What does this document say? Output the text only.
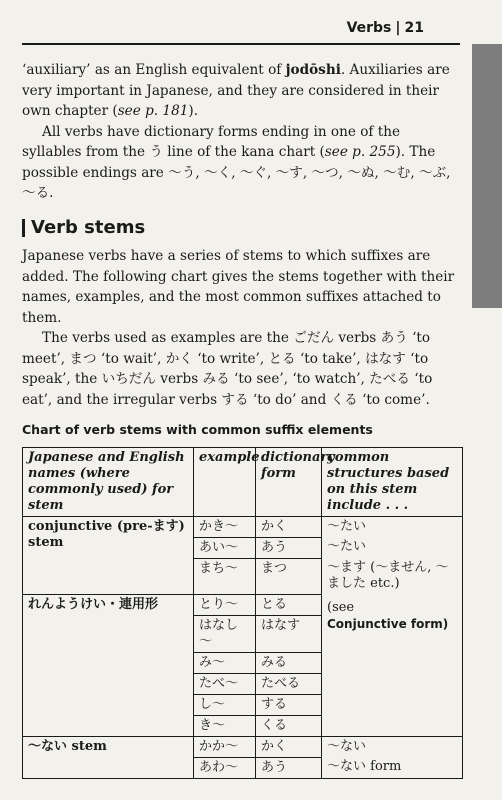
Verbs | 21

‘auxiliary’ as an English equivalent of jodōshi. Auxiliaries are very important in Japanese, and they are considered in their own chapter (see p. 181).

All verbs have dictionary forms ending in one of the syllables from the う line of the kana chart (see p. 255). The possible endings are ～う, ～く, ～ぐ, ～す, ～つ, ～ぬ, ～む, ～ぶ, ～る.

Verb stems

Japanese verbs have a series of stems to which suffixes are added. The following chart gives the stems together with their names, examples, and the most common suffixes attached to them.

The verbs used as examples are the ごだん verbs あう ‘to meet’, まつ ‘to wait’, かく ‘to write’, とる ‘to take’, はなす ‘to speak’, the いちだん verbs みる ‘to see’, ‘to watch’, たべる ‘to eat’, and the irregular verbs する ‘to do’ and くる ‘to come’.

Chart of verb stems with common suffix elements
Japanese and English names (where commonly used) for stem	example	dictionary form	common structures based on this stem include . . .
conjunctive (pre-ます) stem	かき～	かく	～たい
	あい～	あう	～たい
	まち～	まつ	～ます (～ません, ～ました etc.)
れんようけい・連用形	とり～	とる	(see
Conjunctive form)
	はなし～	はなす	
	み～	みる	
	たべ～	たべる	
	し～	する	
	き～	くる	
～ない stem	かか～	かく	～ない
	あわ～	あう	～ない form
